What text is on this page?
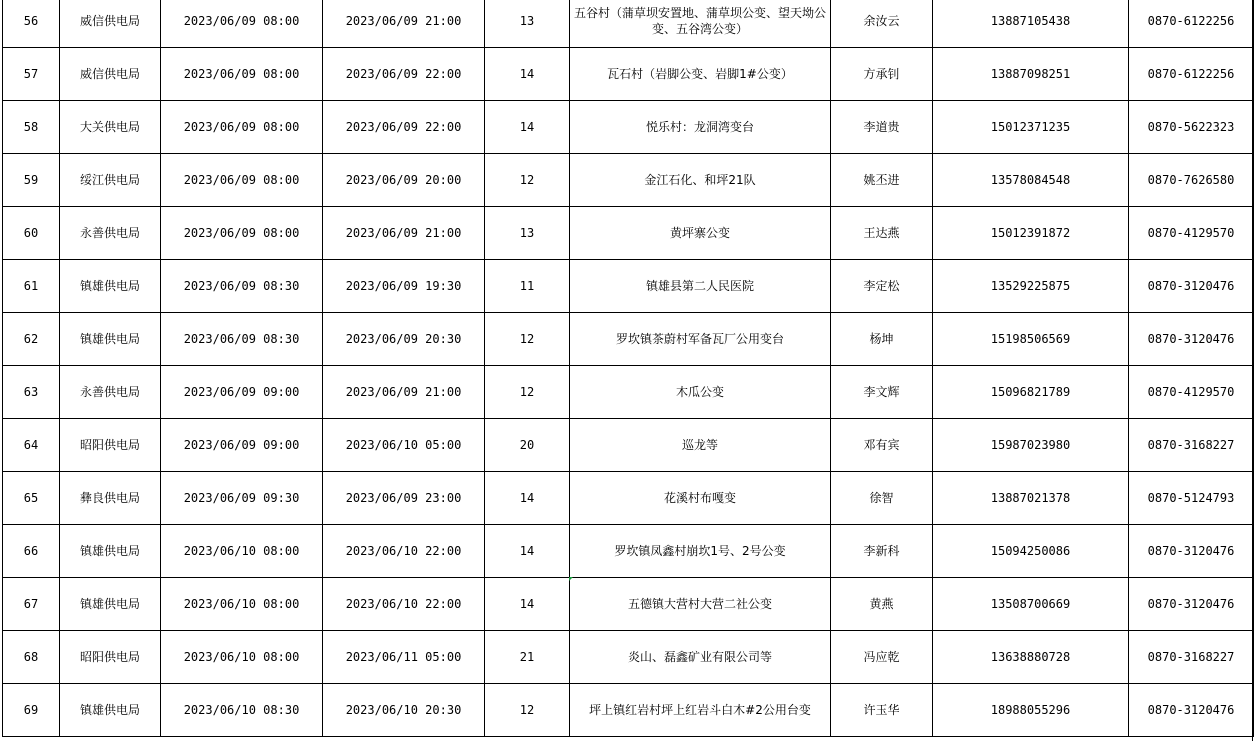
56	威信供电局	2023/06/09 08:00	2023/06/09 21:00	13	五谷村（蒲草坝安置地、蒲草坝公变、望天坳公变、五谷湾公变）	余汝云	13887105438	0870-6122256
57	威信供电局	2023/06/09 08:00	2023/06/09 22:00	14	瓦石村（岩脚公变、岩脚1#公变）	方承钊	13887098251	0870-6122256
58	大关供电局	2023/06/09 08:00	2023/06/09 22:00	14	悦乐村：龙洞湾变台	李道贵	15012371235	0870-5622323
59	绥江供电局	2023/06/09 08:00	2023/06/09 20:00	12	金江石化、和坪21队	姚丕进	13578084548	0870-7626580
60	永善供电局	2023/06/09 08:00	2023/06/09 21:00	13	黄坪寨公变	王达燕	15012391872	0870-4129570
61	镇雄供电局	2023/06/09 08:30	2023/06/09 19:30	11	镇雄县第二人民医院	李定松	13529225875	0870-3120476
62	镇雄供电局	2023/06/09 08:30	2023/06/09 20:30	12	罗坎镇茶蔚村军备瓦厂公用变台	杨坤	15198506569	0870-3120476
63	永善供电局	2023/06/09 09:00	2023/06/09 21:00	12	木瓜公变	李文辉	15096821789	0870-4129570
64	昭阳供电局	2023/06/09 09:00	2023/06/10 05:00	20	巡龙等	邓有宾	15987023980	0870-3168227
65	彝良供电局	2023/06/09 09:30	2023/06/09 23:00	14	花溪村布嘎变	徐智	13887021378	0870-5124793
66	镇雄供电局	2023/06/10 08:00	2023/06/10 22:00	14	罗坎镇凤鑫村崩坎1号、2号公变	李新科	15094250086	0870-3120476
67	镇雄供电局	2023/06/10 08:00	2023/06/10 22:00	14	五德镇大营村大营二社公变	黄燕	13508700669	0870-3120476
68	昭阳供电局	2023/06/10 08:00	2023/06/11 05:00	21	炎山、磊鑫矿业有限公司等	冯应乾	13638880728	0870-3168227
69	镇雄供电局	2023/06/10 08:30	2023/06/10 20:30	12	坪上镇红岩村坪上红岩斗白木#2公用台变	许玉华	18988055296	0870-3120476
